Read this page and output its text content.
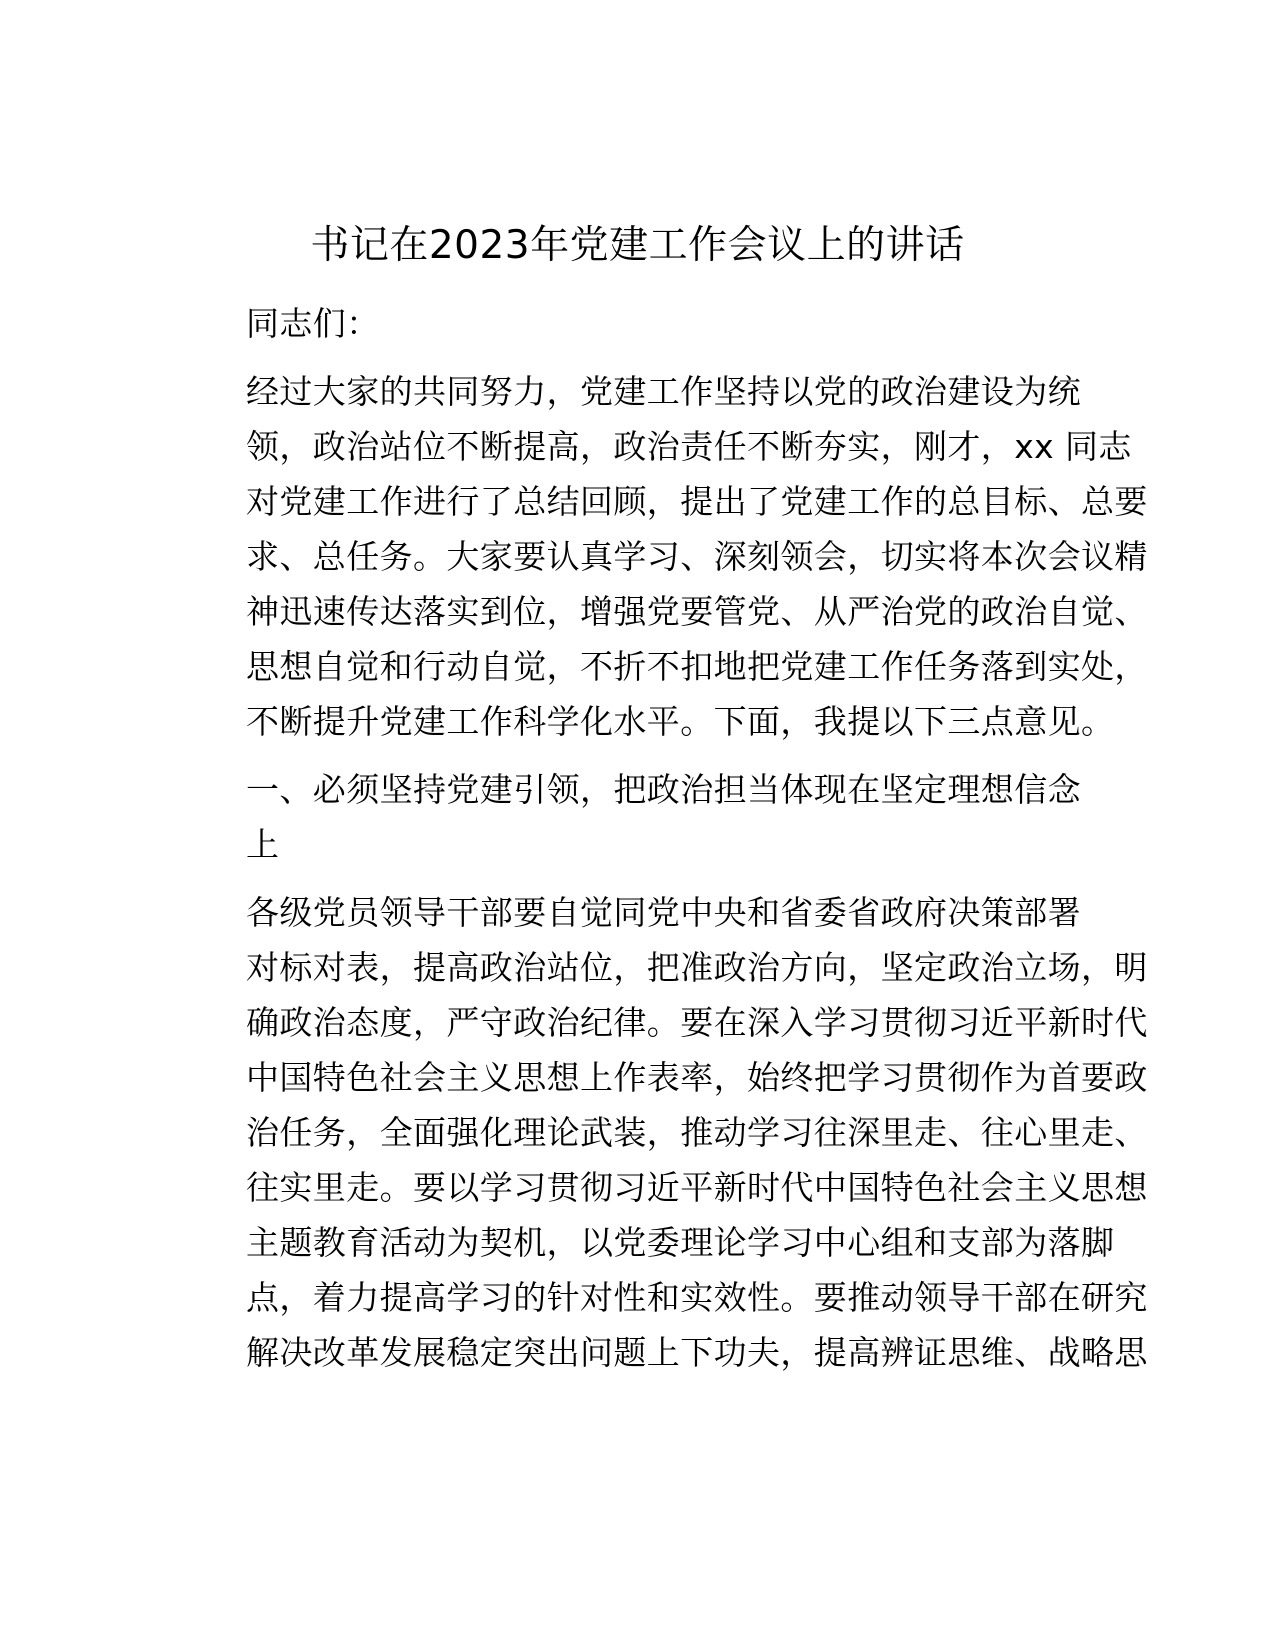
书记在2023年党建工作会议上的讲话

同志们：

经过大家的共同努力，党建工作坚持以党的政治建设为统
领，政治站位不断提高，政治责任不断夯实，刚才，xx 同志
对党建工作进行了总结回顾，提出了党建工作的总目标、总要
求、总任务。大家要认真学习、深刻领会，切实将本次会议精
神迅速传达落实到位，增强党要管党、从严治党的政治自觉、
思想自觉和行动自觉，不折不扣地把党建工作任务落到实处，
不断提升党建工作科学化水平。下面，我提以下三点意见。

一、必须坚持党建引领，把政治担当体现在坚定理想信念
上

各级党员领导干部要自觉同党中央和省委省政府决策部署
对标对表，提高政治站位，把准政治方向，坚定政治立场，明
确政治态度，严守政治纪律。要在深入学习贯彻习近平新时代
中国特色社会主义思想上作表率，始终把学习贯彻作为首要政
治任务，全面强化理论武装，推动学习往深里走、往心里走、
往实里走。要以学习贯彻习近平新时代中国特色社会主义思想
主题教育活动为契机，以党委理论学习中心组和支部为落脚
点，着力提高学习的针对性和实效性。要推动领导干部在研究
解决改革发展稳定突出问题上下功夫，提高辨证思维、战略思
